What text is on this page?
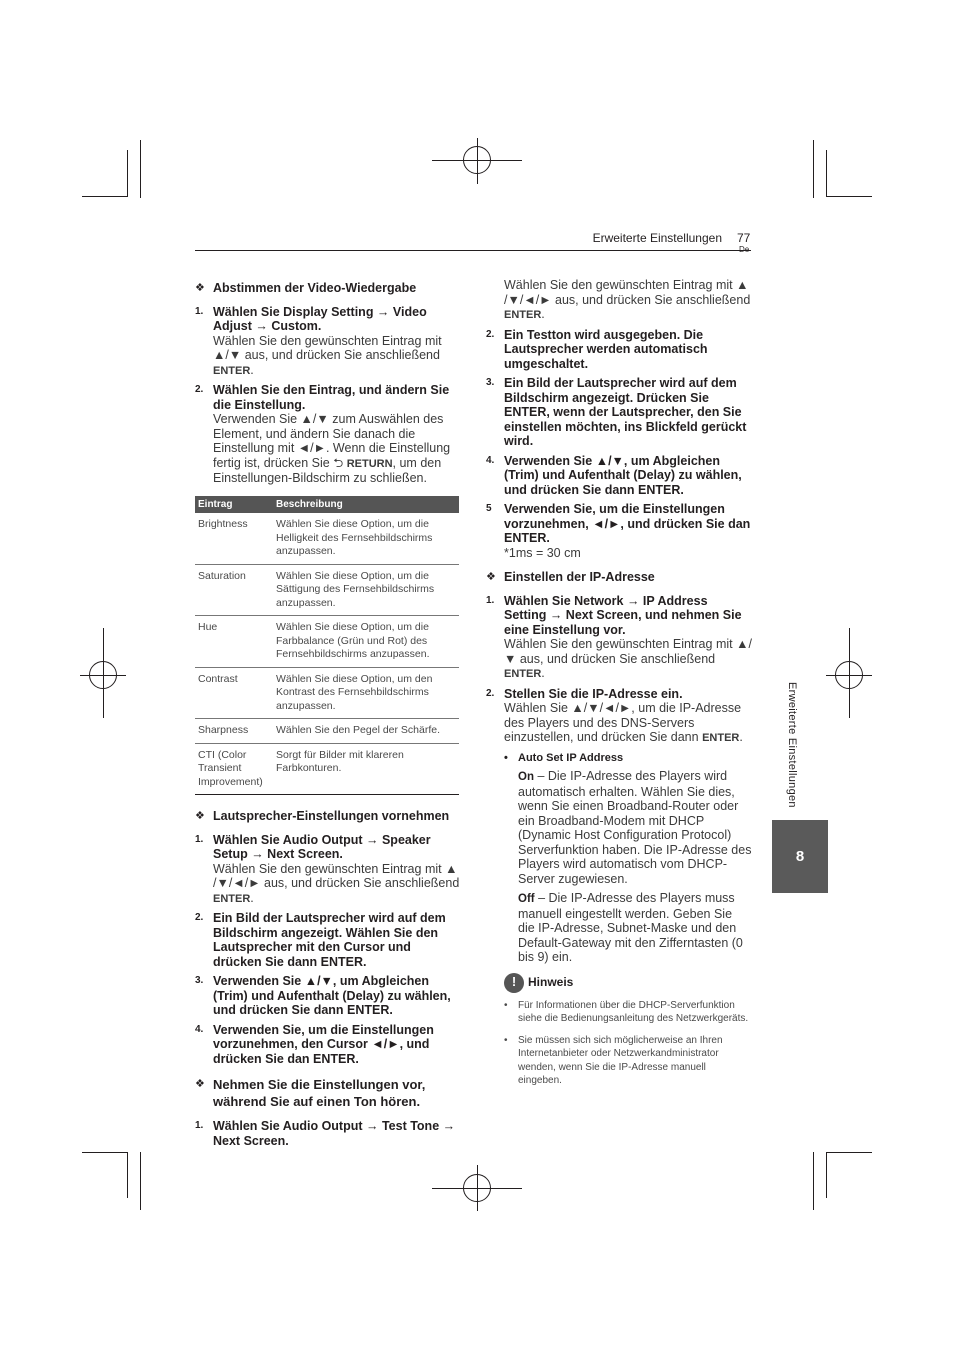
Erweiterte Einstellungen 77
Erweiterte Einstellungen
8
❖ Abstimmen der Video-Wiedergabe
1. Wählen Sie Display Setting → Video Adjust → Custom.
Wählen Sie den gewünschten Eintrag mit ▲/▼ aus, und drücken Sie anschließend ENTER.
2. Wählen Sie den Eintrag, und ändern Sie die Einstellung.
Verwenden Sie ▲/▼ zum Auswählen des Element, und ändern Sie danach die Einstellung mit ◄/►. Wenn die Einstellung fertig ist, drücken Sie ⮌ RETURN, um den Einstellungen-Bildschirm zu schließen.
Eintrag	Beschreibung
Brightness	Wählen Sie diese Option, um die Helligkeit des Fernsehbildschirms anzupassen.
Saturation	Wählen Sie diese Option, um die Sättigung des Fernsehbildschirms anzupassen.
Hue	Wählen Sie diese Option, um die Farbbalance (Grün und Rot) des Fernsehbildschirms anzupassen.
Contrast	Wählen Sie diese Option, um den Kontrast des Fernsehbildschirms anzupassen.
Sharpness	Wählen Sie den Pegel der Schärfe.
CTI (Color Transient Improvement)	Sorgt für Bilder mit klareren Farbkonturen.
❖ Lautsprecher-Einstellungen vornehmen
1. Wählen Sie Audio Output → Speaker Setup → Next Screen.
Wählen Sie den gewünschten Eintrag mit ▲ /▼/◄/► aus, und drücken Sie anschließend ENTER.
2. Ein Bild der Lautsprecher wird auf dem Bildschirm angezeigt. Wählen Sie den Lautsprecher mit den Cursor und drücken Sie dann ENTER.
3. Verwenden Sie ▲/▼, um Abgleichen (Trim) und Aufenthalt (Delay) zu wählen, und drücken Sie dann ENTER.
4. Verwenden Sie, um die Einstellungen vorzunehmen, den Cursor ◄/►, und drücken Sie dan ENTER.
❖ Nehmen Sie die Einstellungen vor, während Sie auf einen Ton hören.
1. Wählen Sie Audio Output → Test Tone → Next Screen.
Wählen Sie den gewünschten Eintrag mit ▲ /▼/◄/► aus, und drücken Sie anschließend ENTER.
2. Ein Testton wird ausgegeben. Die Lautsprecher werden automatisch umgeschaltet.
3. Ein Bild der Lautsprecher wird auf dem Bildschirm angezeigt. Drücken Sie ENTER, wenn der Lautsprecher, den Sie einstellen möchten, ins Blickfeld gerückt wird.
4. Verwenden Sie ▲/▼, um Abgleichen (Trim) und Aufenthalt (Delay) zu wählen, und drücken Sie dann ENTER.
5 Verwenden Sie, um die Einstellungen vorzunehmen, ◄/►, und drücken Sie dan ENTER.
*1ms = 30 cm
❖ Einstellen der IP-Adresse
1. Wählen Sie Network → IP Address Setting → Next Screen, und nehmen Sie eine Einstellung vor.
Wählen Sie den gewünschten Eintrag mit ▲/▼ aus, und drücken Sie anschließend ENTER.
2. Stellen Sie die IP-Adresse ein.
Wählen Sie ▲/▼/◄/►, um die IP-Adresse des Players und des DNS-Servers einzustellen, und drücken Sie dann ENTER.
• Auto Set IP Address
On – Die IP-Adresse des Players wird automatisch erhalten. Wählen Sie dies, wenn Sie einen Broadband-Router oder ein Broadband-Modem mit DHCP (Dynamic Host Configuration Protocol) Serverfunktion haben. Die IP-Adresse des Players wird automatisch vom DHCP-Server zugewiesen.
Off – Die IP-Adresse des Players muss manuell eingestellt werden. Geben Sie die IP-Adresse, Subnet-Maske und den Default-Gateway mit den Zifferntasten (0 bis 9) ein.
! Hinweis
• Für Informationen über die DHCP-Serverfunktion siehe die Bedienungsanleitung des Netzwerkgeräts.
• Sie müssen sich sich möglicherweise an Ihren Internetanbieter oder Netzwerkandministrator wenden, wenn Sie die IP-Adresse manuell eingeben.
